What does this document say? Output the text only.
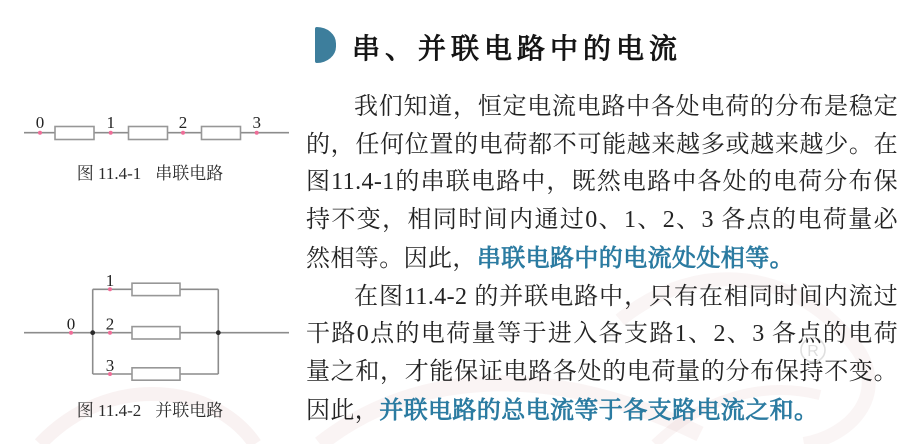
R
串、并联电路中的电流

我们知道，恒定电流电路中各处电荷的分布是稳定的，任何位置的电荷都不可能越来越多或越来越少。在图11.4-1的串联电路中，既然电路中各处的电荷分布保持不变，相同时间内通过0、1、2、3 各点的电荷量必然相等。因此，串联电路中的电流处处相等。

在图11.4-2 的并联电路中，只有在相同时间内流过干路0点的电荷量等于进入各支路1、2、3 各点的电荷量之和，才能保证电路各处的电荷量的分布保持不变。因此，并联电路的总电流等于各支路电流之和。

0	1	2	3
图 11.4-1 串联电路
0
1
2
3
图 11.4-2 并联电路
